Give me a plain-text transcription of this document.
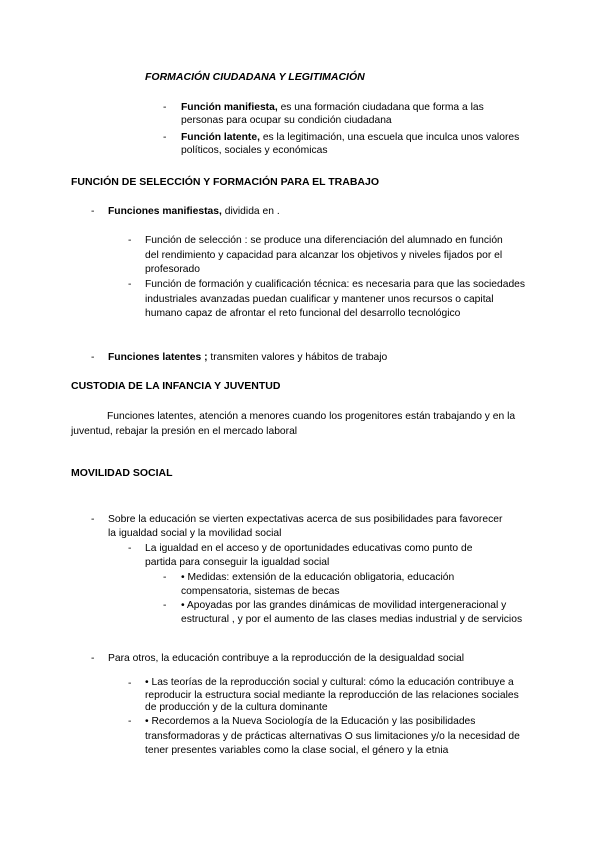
FORMACIÓN CIUDADANA Y LEGITIMACIÓN
- Función manifiesta, es una formación ciudadana que forma a las personas para ocupar su condición ciudadana
- Función latente, es la legitimación, una escuela que inculca unos valores políticos, sociales y económicas
FUNCIÓN DE SELECCIÓN Y FORMACIÓN PARA EL TRABAJO
- Funciones manifiestas, dividida en .
- Función de selección : se produce una diferenciación del alumnado en función del rendimiento y capacidad para alcanzar los objetivos y niveles fijados por el profesorado
- Función de formación y cualificación técnica: es necesaria para que las sociedades industriales avanzadas puedan cualificar y mantener unos recursos o capital humano capaz de afrontar el reto funcional del desarrollo tecnológico
- Funciones latentes ; transmiten valores y hábitos de trabajo
CUSTODIA DE LA INFANCIA Y JUVENTUD
Funciones latentes, atención a menores cuando los progenitores están trabajando y en la juventud, rebajar la presión en el mercado laboral
MOVILIDAD SOCIAL
- Sobre la educación se vierten expectativas acerca de sus posibilidades para favorecer la igualdad social y la movilidad social
- La igualdad en el acceso y de oportunidades educativas como punto de partida para conseguir la igualdad social
- • Medidas: extensión de la educación obligatoria, educación compensatoria, sistemas de becas
- • Apoyadas por las grandes dinámicas de movilidad intergeneracional y estructural , y por el aumento de las clases medias industrial y de servicios
- Para otros, la educación contribuye a la reproducción de la desigualdad social
- • Las teorías de la reproducción social y cultural: cómo la educación contribuye a reproducir la estructura social mediante la reproducción de las relaciones sociales de producción y de la cultura dominante
- • Recordemos a la Nueva Sociología de la Educación y las posibilidades transformadoras y de prácticas alternativas O sus limitaciones y/o la necesidad de tener presentes variables como la clase social, el género y la etnia
